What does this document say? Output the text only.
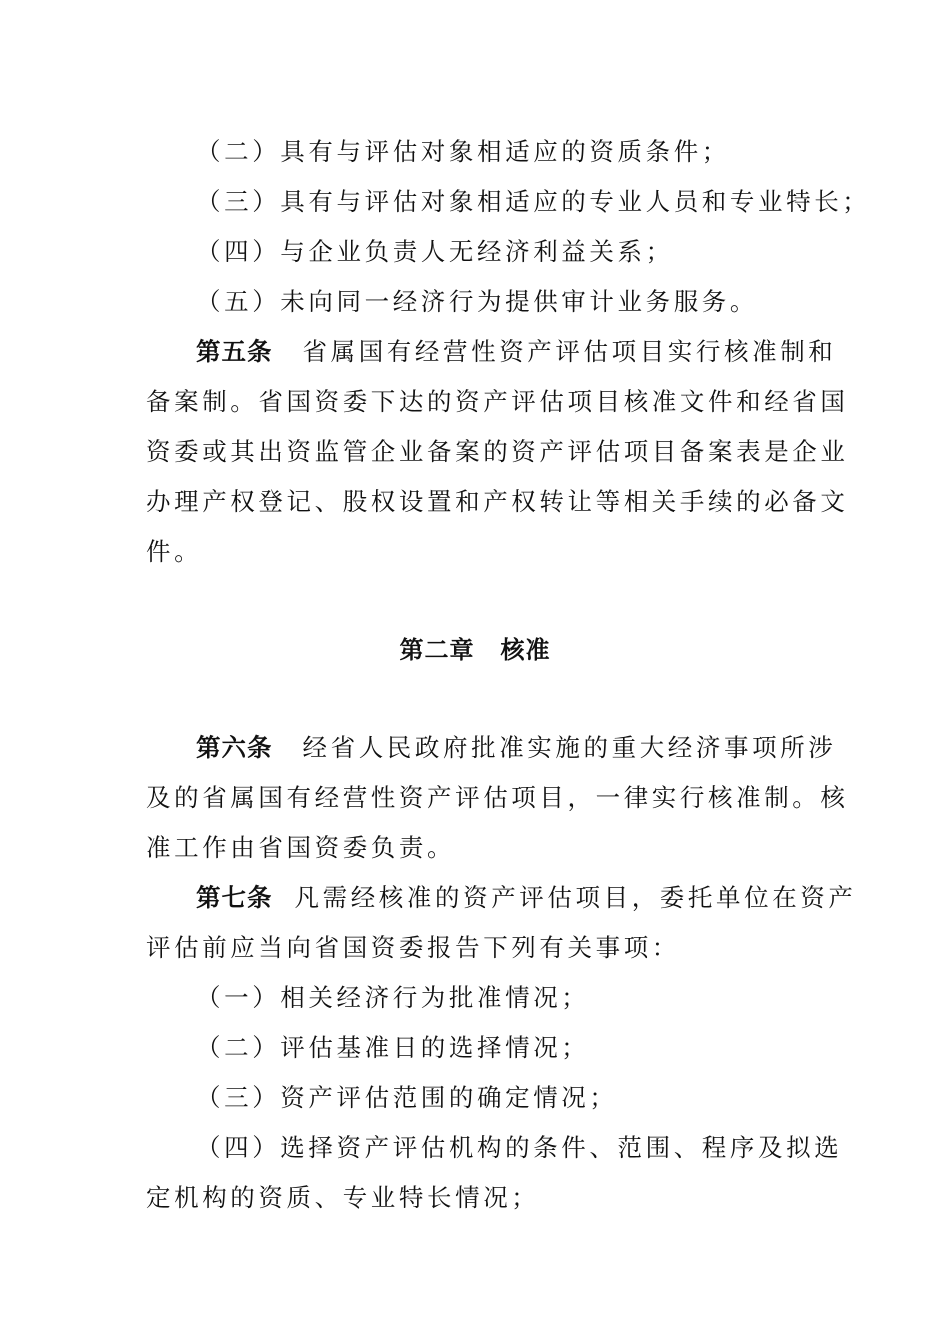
（二）具有与评估对象相适应的资质条件；
（三）具有与评估对象相适应的专业人员和专业特长；
（四）与企业负责人无经济利益关系；
（五）未向同一经济行为提供审计业务服务。
第五条 省属国有经营性资产评估项目实行核准制和
备案制。省国资委下达的资产评估项目核准文件和经省国
资委或其出资监管企业备案的资产评估项目备案表是企业
办理产权登记、股权设置和产权转让等相关手续的必备文
件。
第二章 核准
第六条 经省人民政府批准实施的重大经济事项所涉
及的省属国有经营性资产评估项目，一律实行核准制。核
准工作由省国资委负责。
第七条 凡需经核准的资产评估项目，委托单位在资产
评估前应当向省国资委报告下列有关事项：
（一）相关经济行为批准情况；
（二）评估基准日的选择情况；
（三）资产评估范围的确定情况；
（四）选择资产评估机构的条件、范围、程序及拟选
定机构的资质、专业特长情况；
